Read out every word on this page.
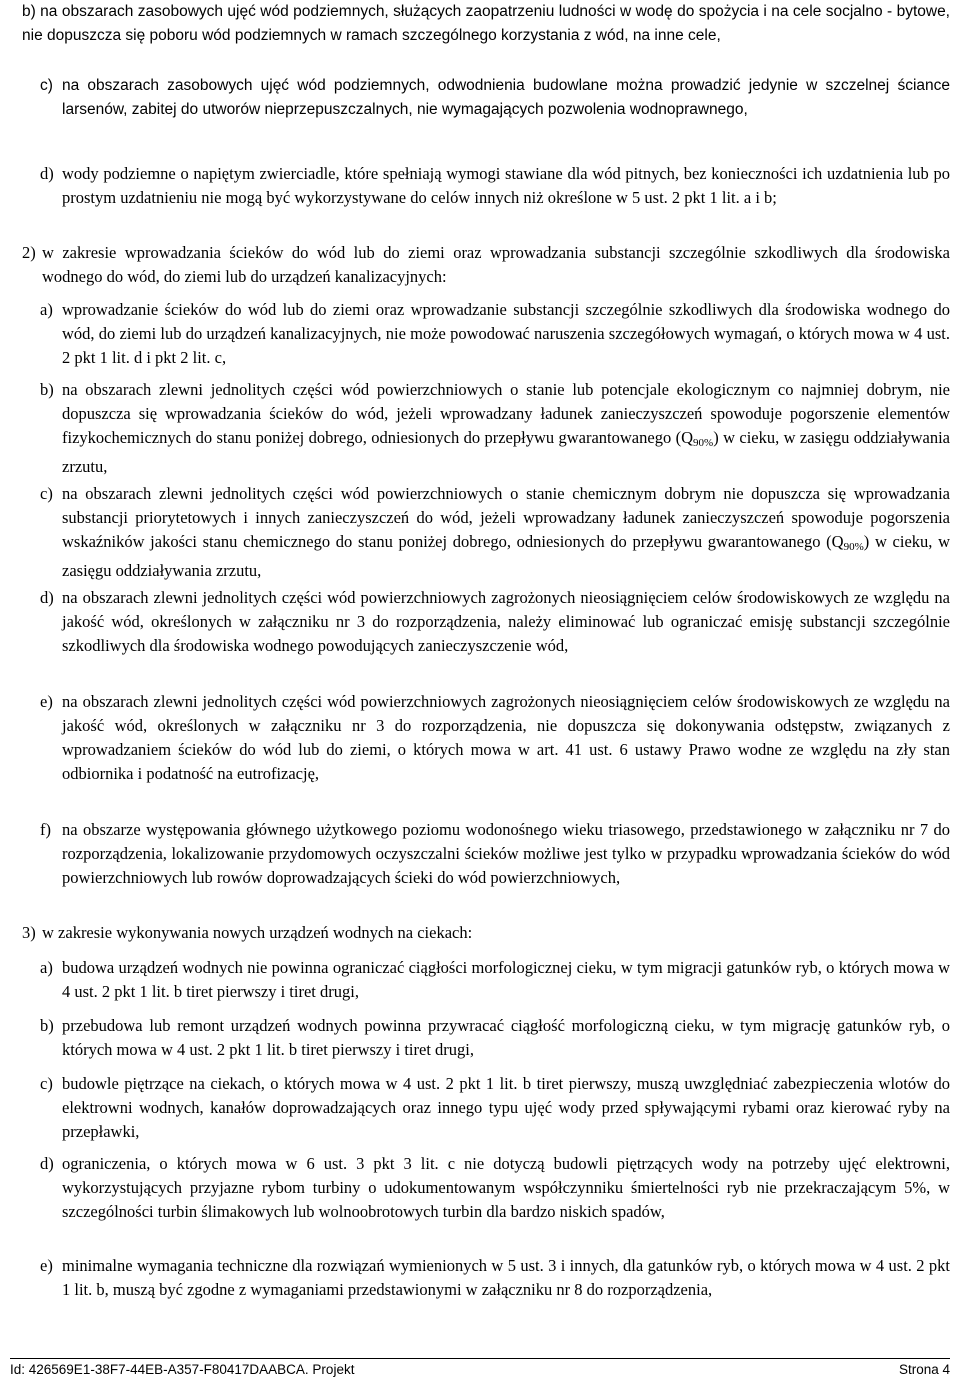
b) na obszarach zasobowych ujęć wód podziemnych, służących zaopatrzeniu ludności w wodę do spożycia i na cele socjalno - bytowe, nie dopuszcza się poboru wód podziemnych w ramach szczególnego korzystania z wód, na inne cele,
c) na obszarach zasobowych ujęć wód podziemnych, odwodnienia budowlane można prowadzić jedynie w szczelnej ściance larsenów, zabitej do utworów nieprzepuszczalnych, nie wymagających pozwolenia wodnoprawnego,
d) wody podziemne o napiętym zwierciadle, które spełniają wymogi stawiane dla wód pitnych, bez konieczności ich uzdatnienia lub po prostym uzdatnieniu nie mogą być wykorzystywane do celów innych niż określone w 5 ust. 2 pkt 1 lit. a i b;
2) w zakresie wprowadzania ścieków do wód lub do ziemi oraz wprowadzania substancji szczególnie szkodliwych dla środowiska wodnego do wód, do ziemi lub do urządzeń kanalizacyjnych:
a) wprowadzanie ścieków do wód lub do ziemi oraz wprowadzanie substancji szczególnie szkodliwych dla środowiska wodnego do wód, do ziemi lub do urządzeń kanalizacyjnych, nie może powodować naruszenia szczegółowych wymagań, o których mowa w 4 ust. 2 pkt 1 lit. d i pkt 2 lit. c,
b) na obszarach zlewni jednolitych części wód powierzchniowych o stanie lub potencjale ekologicznym co najmniej dobrym, nie dopuszcza się wprowadzania ścieków do wód, jeżeli wprowadzany ładunek zanieczyszczeń spowoduje pogorszenie elementów fizykochemicznych do stanu poniżej dobrego, odniesionych do przepływu gwarantowanego $(Q_{90\%})$ w cieku, w zasięgu oddziaływania zrzutu,
c) na obszarach zlewni jednolitych części wód powierzchniowych o stanie chemicznym dobrym nie dopuszcza się wprowadzania substancji priorytetowych i innych zanieczyszczeń do wód, jeżeli wprowadzany ładunek zanieczyszczeń spowoduje pogorszenia wskaźników jakości stanu chemicznego do stanu poniżej dobrego, odniesionych do przepływu gwarantowanego $(Q_{90\%})$ w cieku, w zasięgu oddziaływania zrzutu,
d) na obszarach zlewni jednolitych części wód powierzchniowych zagrożonych nieosiągnięciem celów środowiskowych ze względu na jakość wód, określonych w załączniku nr 3 do rozporządzenia, należy eliminować lub ograniczać emisję substancji szczególnie szkodliwych dla środowiska wodnego powodujących zanieczyszczenie wód,
e) na obszarach zlewni jednolitych części wód powierzchniowych zagrożonych nieosiągnięciem celów środowiskowych ze względu na jakość wód, określonych w załączniku nr 3 do rozporządzenia, nie dopuszcza się dokonywania odstępstw, związanych z wprowadzaniem ścieków do wód lub do ziemi, o których mowa w art. 41 ust. 6 ustawy Prawo wodne ze względu na zły stan odbiornika i podatność na eutrofizację,
f) na obszarze występowania głównego użytkowego poziomu wodonośnego wieku triasowego, przedstawionego w załączniku nr 7 do rozporządzenia, lokalizowanie przydomowych oczyszczalni ścieków możliwe jest tylko w przypadku wprowadzania ścieków do wód powierzchniowych lub rowów doprowadzających ścieki do wód powierzchniowych,
3) w zakresie wykonywania nowych urządzeń wodnych na ciekach:
a) budowa urządzeń wodnych nie powinna ograniczać ciągłości morfologicznej cieku, w tym migracji gatunków ryb, o których mowa w 4 ust. 2 pkt 1 lit. b tiret pierwszy i tiret drugi,
b) przebudowa lub remont urządzeń wodnych powinna przywracać ciągłość morfologiczną cieku, w tym migrację gatunków ryb, o których mowa w 4 ust. 2 pkt 1 lit. b tiret pierwszy i tiret drugi,
c) budowle piętrzące na ciekach, o których mowa w 4 ust. 2 pkt 1 lit. b tiret pierwszy, muszą uwzględniać zabezpieczenia wlotów do elektrowni wodnych, kanałów doprowadzających oraz innego typu ujęć wody przed spływającymi rybami oraz kierować ryby na przepławki,
d) ograniczenia, o których mowa w 6 ust. 3 pkt 3 lit. c nie dotyczą budowli piętrzących wody na potrzeby ujęć elektrowni, wykorzystujących przyjazne rybom turbiny o udokumentowanym współczynniku śmiertelności ryb nie przekraczającym 5%, w szczególności turbin ślimakowych lub wolnoobrotowych turbin dla bardzo niskich spadów,
e) minimalne wymagania techniczne dla rozwiązań wymienionych w 5 ust. 3 i innych, dla gatunków ryb, o których mowa w 4 ust. 2 pkt 1 lit. b, muszą być zgodne z wymaganiami przedstawionymi w załączniku nr 8 do rozporządzenia,
Id: 426569E1-38F7-44EB-A357-F80417DAABCA. Projekt	Strona 4
